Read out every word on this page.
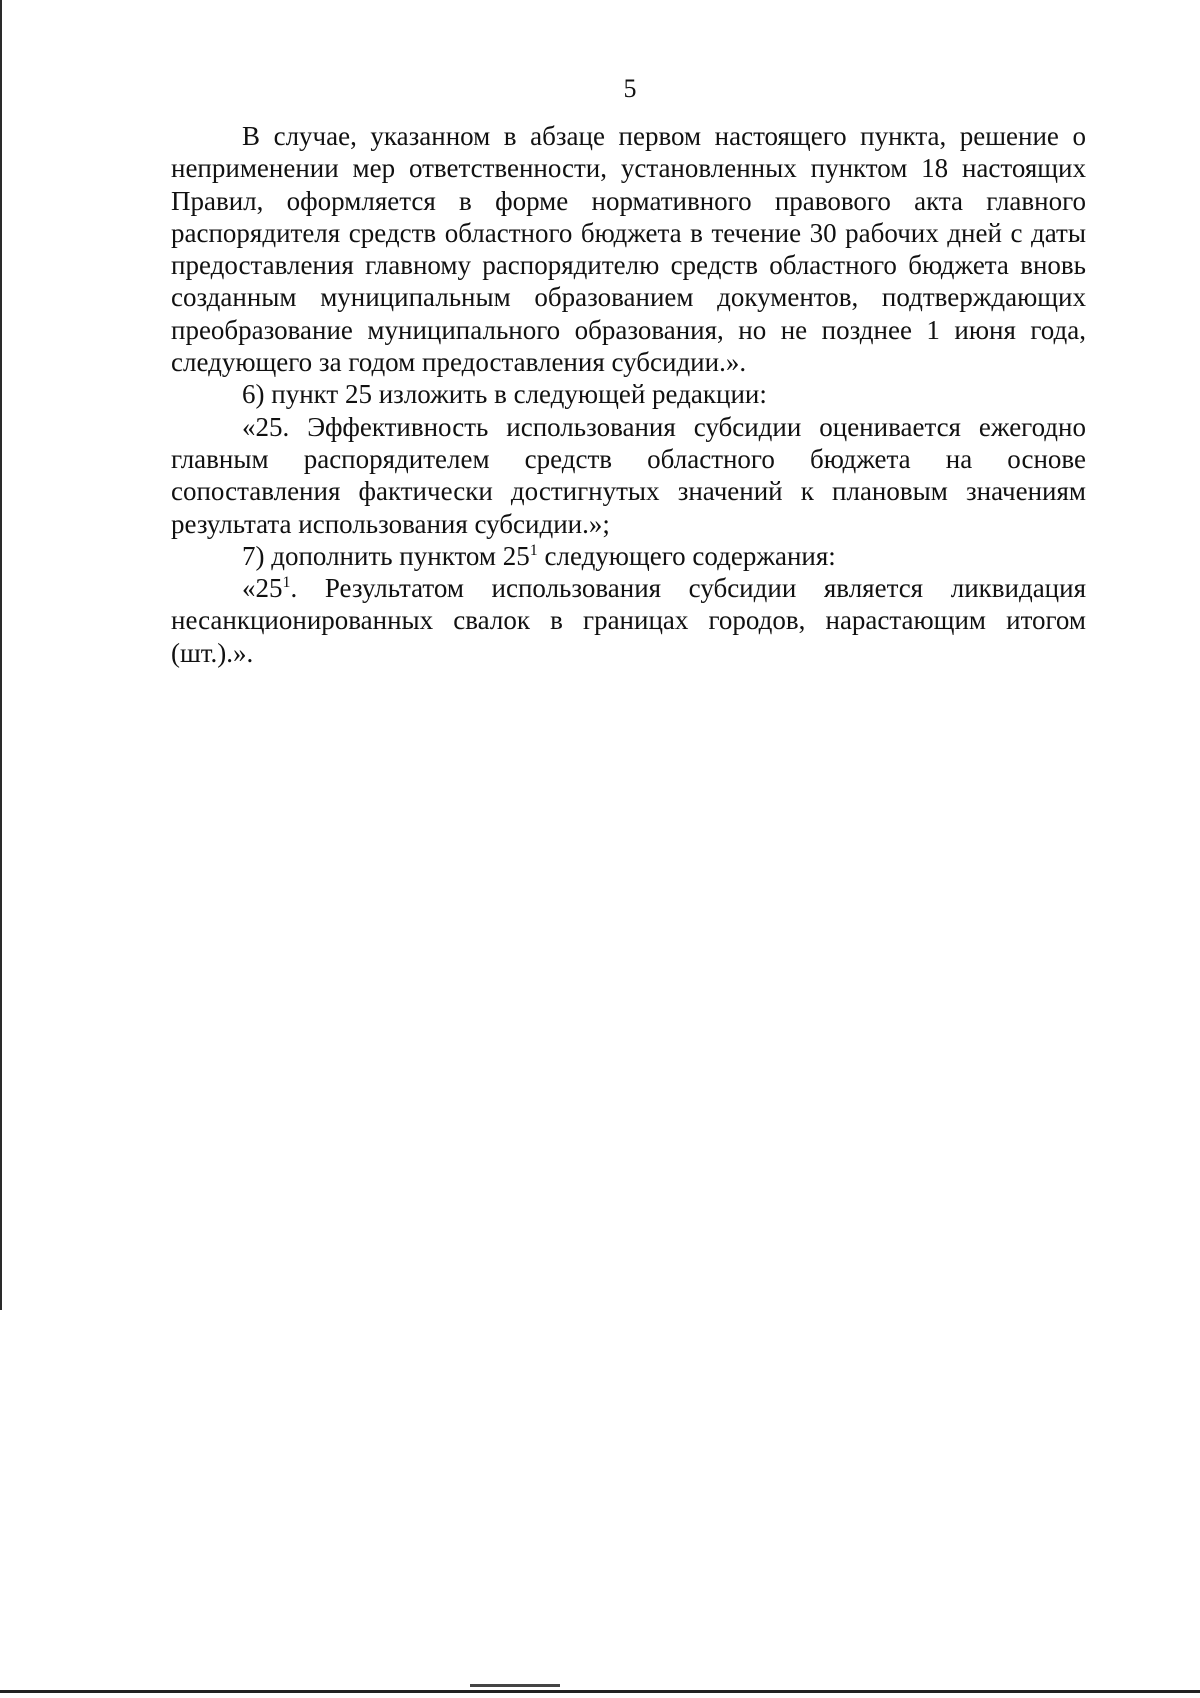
5

В случае, указанном в абзаце первом настоящего пункта, решение о неприменении мер ответственности, установленных пунктом 18 настоящих Правил, оформляется в форме нормативного правового акта главного распорядителя средств областного бюджета в течение 30 рабочих дней с даты предоставления главному распорядителю средств областного бюджета вновь созданным муниципальным образованием документов, подтверждающих преобразование муниципального образования, но не позднее 1 июня года, следующего за годом предоставления субсидии.».

6) пункт 25 изложить в следующей редакции:

«25. Эффективность использования субсидии оценивается ежегодно главным распорядителем средств областного бюджета на основе сопоставления фактически достигнутых значений к плановым значениям результата использования субсидии.»;

7) дополнить пунктом $25^1$ следующего содержания:

«$25^1$. Результатом использования субсидии является ликвидация несанкционированных свалок в границах городов, нарастающим итогом (шт.).».
